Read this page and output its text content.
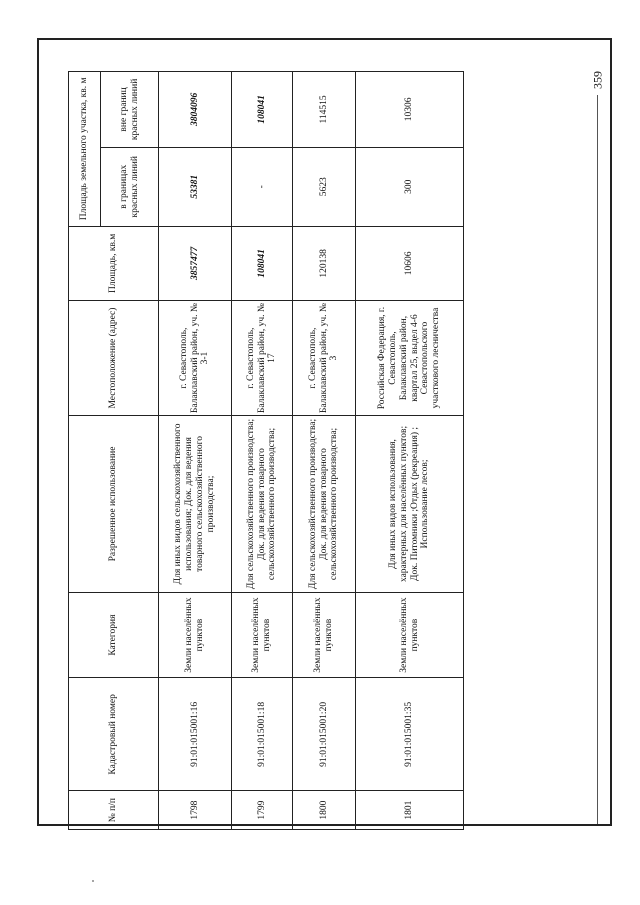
359
№ п/п	Кадастровый номер	Категория	Разрешенное использование	Местоположение (адрес)	Площадь, кв.м	Площадь земельного участка, кв. м	
						в границах красных линий	вне границ красных линий
1798	91:01:015001:16	Земли населённых пунктов	Для иных видов сельскохозяйственного использования; Док. для ведения товарного сельскохозяйственного производства;	г. Севастополь, Балаклавский район, уч. № 3-1	3857477	53381	3804096
1799	91:01:015001:18	Земли населённых пунктов	Для сельскохозяйственного производства; Док. для ведения товарного сельскохозяйственного производства;	г. Севастополь, Балаклавский район, уч. № 17	108041	-	108041
1800	91:01:015001:20	Земли населённых пунктов	Для сельскохозяйственного производства; Док. для ведения товарного сельскохозяйственного производства;	г. Севастополь, Балаклавский район, уч. № 3	120138	5623	114515
1801	91:01:015001:35	Земли населённых пунктов	Для иных видов использования, характерных для населённых пунктов; Док. Питомники ;Отдых (рекреация) ; Использование лесов;	Российская Федерация, г. Севастополь, Балаклавский район, квартал 25, выдел 4-6 Севастопольского участкового лесничества	10606	300	10306
